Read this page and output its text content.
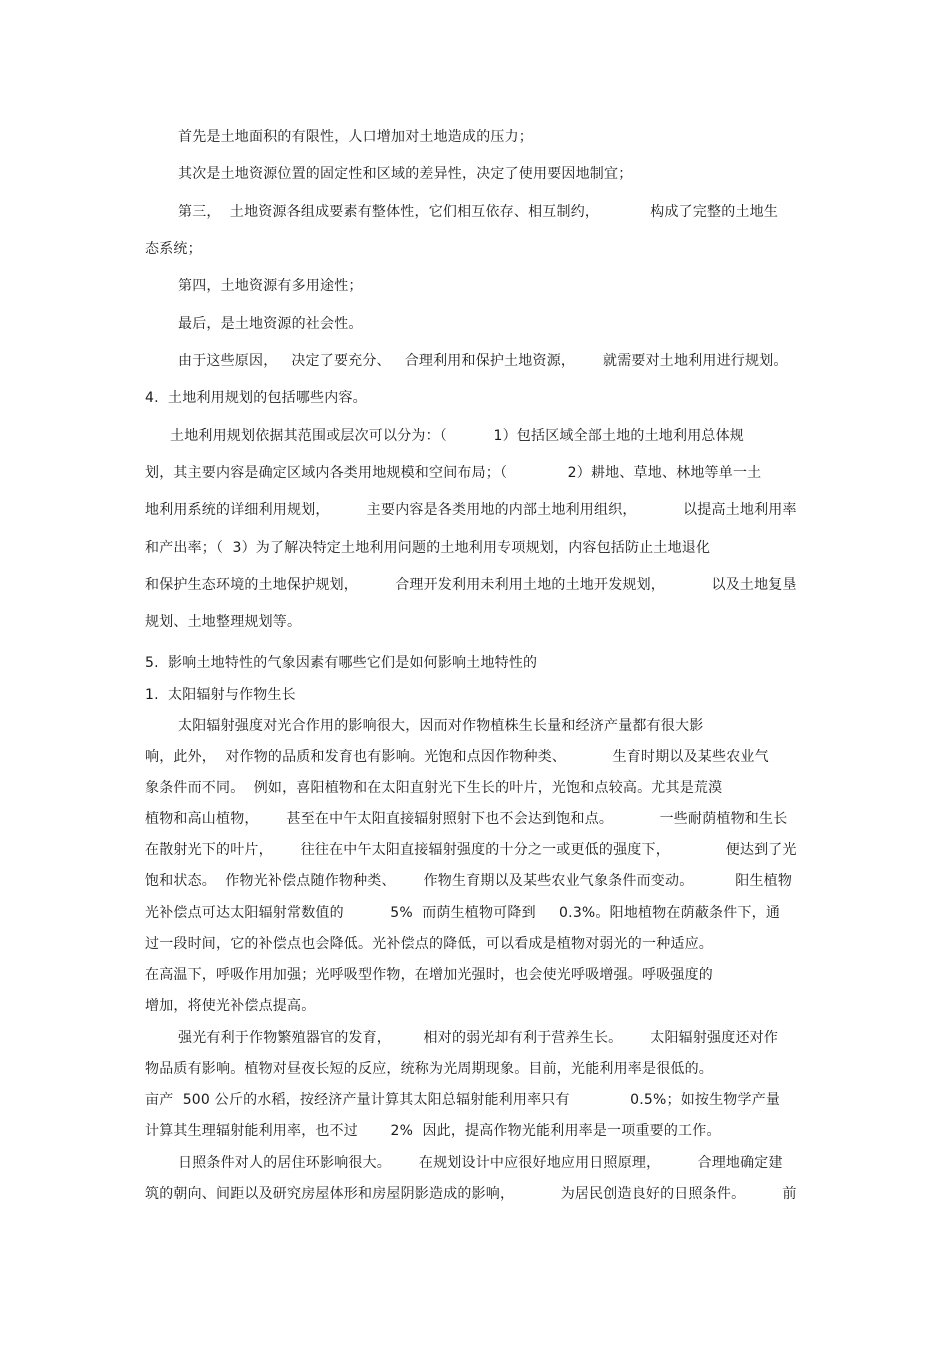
首先是土地面积的有限性，人口增加对土地造成的压力；
其次是土地资源位置的固定性和区域的差异性，决定了使用要因地制宜；
第三，  土地资源各组成要素有整体性，它们相互依存、相互制约，           构成了完整的土地生
态系统；
第四，土地资源有多用途性；
最后，是土地资源的社会性。
由于这些原因，   决定了要充分、   合理利用和保护土地资源，      就需要对土地利用进行规划。
4.  土地利用规划的包括哪些内容。
土地利用规划依据其范围或层次可以分为：（          1）包括区域全部土地的土地利用总体规
划，其主要内容是确定区域内各类用地规模和空间布局；（             2）耕地、草地、林地等单一土
地利用系统的详细利用规划，        主要内容是各类用地的内部土地利用组织，          以提高土地利用率
和产出率；（  3）为了解决特定土地利用问题的土地利用专项规划，内容包括防止土地退化
和保护生态环境的土地保护规划，        合理开发利用未利用土地的土地开发规划，          以及土地复垦
规划、土地整理规划等。
5.  影响土地特性的气象因素有哪些它们是如何影响土地特性的
1.  太阳辐射与作物生长
太阳辐射强度对光合作用的影响很大，因而对作物植株生长量和经济产量都有很大影
响，此外，  对作物的品质和发育也有影响。光饱和点因作物种类、          生育时期以及某些农业气
象条件而不同。  例如，喜阳植物和在太阳直射光下生长的叶片，光饱和点较高。尤其是荒漠
植物和高山植物，      甚至在中午太阳直接辐射照射下也不会达到饱和点。          一些耐荫植物和生长
在散射光下的叶片，      往往在中午太阳直接辐射强度的十分之一或更低的强度下，            便达到了光
饱和状态。  作物光补偿点随作物种类、      作物生育期以及某些农业气象条件而变动。         阳生植物
光补偿点可达太阳辐射常数值的          5%  而荫生植物可降到     0.3%。阳地植物在荫蔽条件下，通
过一段时间，它的补偿点也会降低。光补偿点的降低，可以看成是植物对弱光的一种适应。
在高温下，呼吸作用加强；光呼吸型作物，在增加光强时，也会使光呼吸增强。呼吸强度的
增加，将使光补偿点提高。
强光有利于作物繁殖器官的发育，       相对的弱光却有利于营养生长。      太阳辐射强度还对作
物品质有影响。植物对昼夜长短的反应，统称为光周期现象。目前，光能利用率是很低的。
亩产  500 公斤的水稻，按经济产量计算其太阳总辐射能利用率只有             0.5%；如按生物学产量
计算其生理辐射能利用率，也不过       2%  因此，提高作物光能利用率是一项重要的工作。
日照条件对人的居住环影响很大。      在规划设计中应很好地应用日照原理，        合理地确定建
筑的朝向、间距以及研究房屋体形和房屋阴影造成的影响，          为居民创造良好的日照条件。        前
